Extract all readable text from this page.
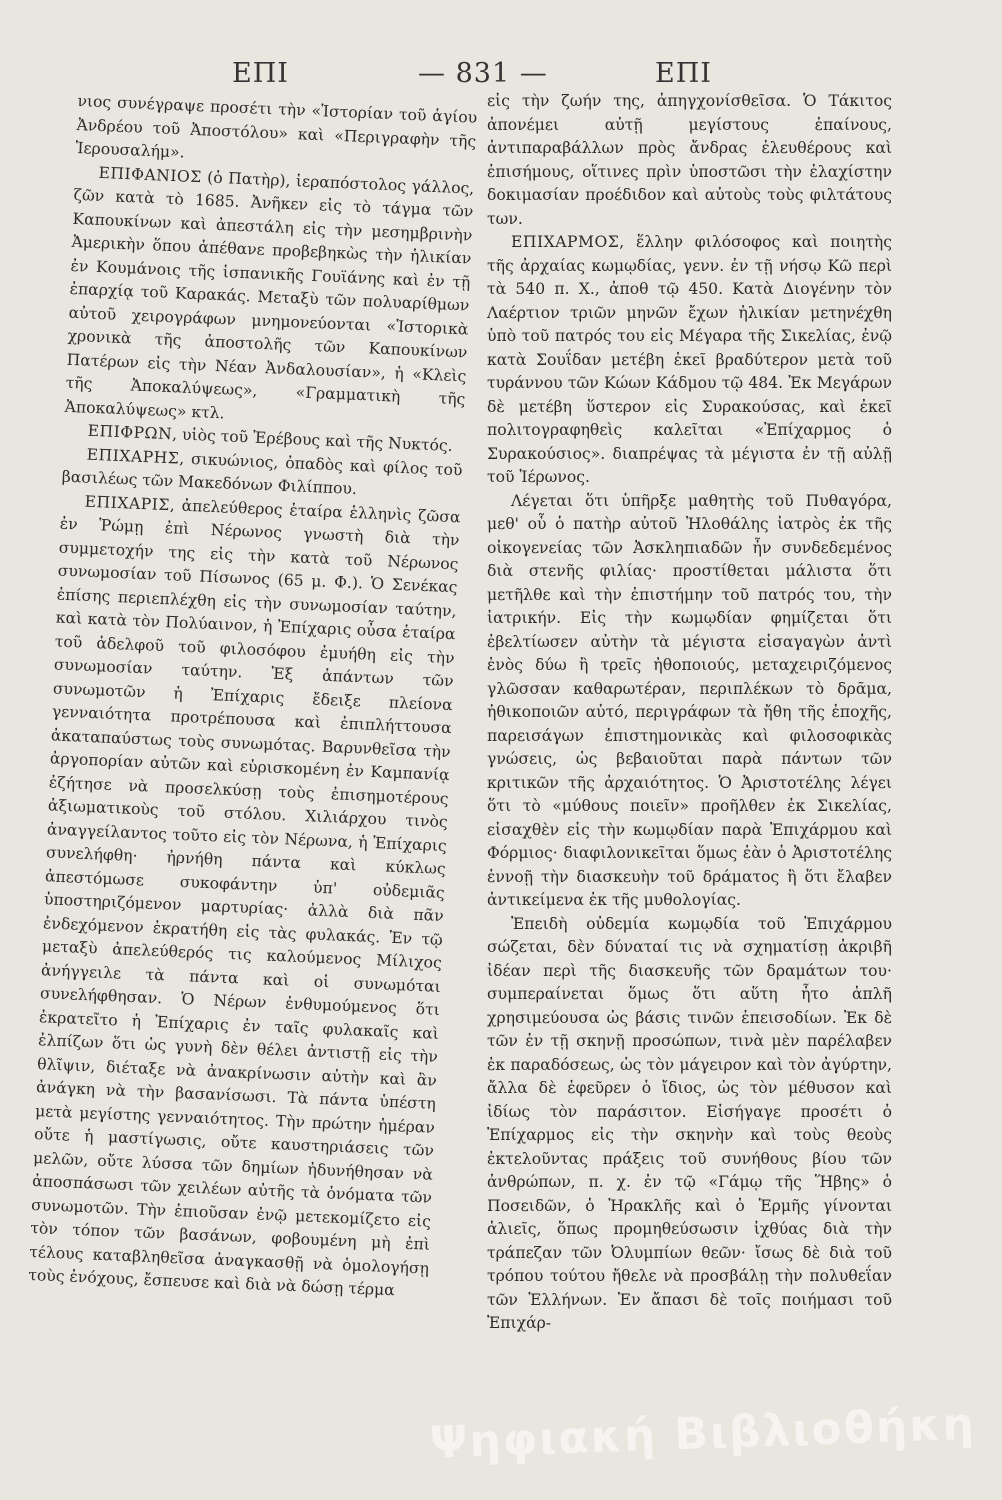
ΕΠΙ	— 831 —	ΕΠΙ

νιος συνέγραψε προσέτι τὴν «Ἱστορίαν τοῦ ἁγίου Ἀνδρέου τοῦ Ἀποστόλου» καὶ «Περιγραφὴν τῆς Ἱερουσαλήμ».

ΕΠΙΦΑΝΙΟΣ (ὁ Πατὴρ), ἱεραπόστολος γάλλος, ζῶν κατὰ τὸ 1685. Ἀνῆκεν εἰς τὸ τάγμα τῶν Καπουκίνων καὶ ἀπεστάλη εἰς τὴν μεσημβρινὴν Ἀμερικὴν ὅπου ἀπέθανε προβεβηκὼς τὴν ἡλικίαν ἐν Κουμάνοις τῆς ἱσπανικῆς Γουϊάνης καὶ ἐν τῇ ἐπαρχίᾳ τοῦ Καρακάς. Μεταξὺ τῶν πολυαρίθμων αὐτοῦ χειρογράφων μνημονεύονται «Ἱστορικὰ χρονικὰ τῆς ἀποστολῆς τῶν Καπουκίνων Πατέρων εἰς τὴν Νέαν Ἀνδαλουσίαν», ἡ «Κλεὶς τῆς Ἀποκαλύψεως», «Γραμματικὴ τῆς Ἀποκαλύψεως» κτλ.

ΕΠΙΦΡΩΝ, υἱὸς τοῦ Ἐρέβους καὶ τῆς Νυκτός.

ΕΠΙΧΑΡΗΣ, σικυώνιος, ὀπαδὸς καὶ φίλος τοῦ βασιλέως τῶν Μακεδόνων Φιλίππου.

ΕΠΙΧΑΡΙΣ, ἀπελεύθερος ἑταίρα ἑλληνὶς ζῶσα ἐν Ῥώμῃ ἐπὶ Νέρωνος γνωστὴ διὰ τὴν συμμετοχήν της εἰς τὴν κατὰ τοῦ Νέρωνος συνωμοσίαν τοῦ Πίσωνος (65 μ. Φ.). Ὁ Σενέκας ἐπίσης περιεπλέχθη εἰς τὴν συνωμοσίαν ταύτην, καὶ κατὰ τὸν Πολύαινον, ἡ Ἐπίχαρις οὖσα ἑταίρα τοῦ ἀδελφοῦ τοῦ φιλοσόφου ἐμυήθη εἰς τὴν συνωμοσίαν ταύτην. Ἐξ ἁπάντων τῶν συνωμοτῶν ἡ Ἐπίχαρις ἔδειξε πλείονα γενναιότητα προτρέπουσα καὶ ἐπιπλήττουσα ἀκαταπαύστως τοὺς συνωμότας. Βαρυνθεῖσα τὴν ἀργοπορίαν αὐτῶν καὶ εὑρισκομένη ἐν Καμπανίᾳ ἐζήτησε νὰ προσελκύσῃ τοὺς ἐπισημοτέρους ἀξιωματικοὺς τοῦ στόλου. Χιλιάρχου τινὸς ἀναγγείλαντος τοῦτο εἰς τὸν Νέρωνα, ἡ Ἐπίχαρις συνελήφθη· ἠρνήθη πάντα καὶ κύκλως ἀπεστόμωσε συκοφάντην ὑπ' οὐδεμιᾶς ὑποστηριζόμενον μαρτυρίας· ἀλλὰ διὰ πᾶν ἐνδεχόμενον ἐκρατήθη εἰς τὰς φυλακάς. Ἐν τῷ μεταξὺ ἀπελεύθερός τις καλούμενος Μίλιχος ἀνήγγειλε τὰ πάντα καὶ οἱ συνωμόται συνελήφθησαν. Ὁ Νέρων ἐνθυμούμενος ὅτι ἐκρατεῖτο ἡ Ἐπίχαρις ἐν ταῖς φυλακαῖς καὶ ἐλπίζων ὅτι ὡς γυνὴ δὲν θέλει ἀντιστῇ εἰς τὴν θλῖψιν, διέταξε νὰ ἀνακρίνωσιν αὐτὴν καὶ ἂν ἀνάγκη νὰ τὴν βασανίσωσι. Τὰ πάντα ὑπέστη μετὰ μεγίστης γενναιότητος. Τὴν πρώτην ἡμέραν οὔτε ἡ μαστίγωσις, οὔτε καυστηριάσεις τῶν μελῶν, οὔτε λύσσα τῶν δημίων ἠδυνήθησαν νὰ ἀποσπάσωσι τῶν χειλέων αὐτῆς τὰ ὀνόματα τῶν συνωμοτῶν. Τὴν ἐπιοῦσαν ἐνῷ μετεκομίζετο εἰς τὸν τόπον τῶν βασάνων, φοβουμένη μὴ ἐπὶ τέλους καταβληθεῖσα ἀναγκασθῇ νὰ ὁμολογήσῃ τοὺς ἐνόχους, ἔσπευσε καὶ διὰ νὰ δώσῃ τέρμα

εἰς τὴν ζωήν της, ἀπηγχονίσθεῖσα. Ὁ Τάκιτος ἀπονέμει αὐτῇ μεγίστους ἐπαίνους, ἀντιπαραβάλλων πρὸς ἄνδρας ἐλευθέρους καὶ ἐπισήμους, οἵτινες πρὶν ὑποστῶσι τὴν ἐλαχίστην δοκιμασίαν προέδιδον καὶ αὐτοὺς τοὺς φιλτάτους των.

ΕΠΙΧΑΡΜΟΣ, ἕλλην φιλόσοφος καὶ ποιητὴς τῆς ἀρχαίας κωμῳδίας, γενν. ἐν τῇ νήσῳ Κῶ περὶ τὰ 540 π. Χ., ἀποθ τῷ 450. Κατὰ Διογένην τὸν Λαέρτιον τριῶν μηνῶν ἔχων ἡλικίαν μετηνέχθη ὑπὸ τοῦ πατρός του εἰς Μέγαρα τῆς Σικελίας, ἐνῷ κατὰ Σουΐδαν μετέβη ἐκεῖ βραδύτερον μετὰ τοῦ τυράννου τῶν Κώων Κάδμου τῷ 484. Ἐκ Μεγάρων δὲ μετέβη ὕστερον εἰς Συρακούσας, καὶ ἐκεῖ πολιτογραφηθεὶς καλεῖται «Ἐπίχαρμος ὁ Συρακούσιος». διαπρέψας τὰ μέγιστα ἐν τῇ αὐλῇ τοῦ Ἱέρωνος.

Λέγεται ὅτι ὑπῆρξε μαθητὴς τοῦ Πυθαγόρα, μεθ' οὗ ὁ πατὴρ αὐτοῦ Ἡλοθάλης ἰατρὸς ἐκ τῆς οἰκογενείας τῶν Ἀσκληπιαδῶν ἦν συνδεδεμένος διὰ στενῆς φιλίας· προστίθεται μάλιστα ὅτι μετῆλθε καὶ τὴν ἐπιστήμην τοῦ πατρός του, τὴν ἰατρικήν. Εἰς τὴν κωμῳδίαν φημίζεται ὅτι ἐβελτίωσεν αὐτὴν τὰ μέγιστα εἰσαγαγὼν ἀντὶ ἑνὸς δύω ἢ τρεῖς ἠθοποιούς, μεταχειριζόμενος γλῶσσαν καθαρωτέραν, περιπλέκων τὸ δρᾶμα, ἠθικοποιῶν αὐτό, περιγράφων τὰ ἤθη τῆς ἐποχῆς, παρεισάγων ἐπιστημονικὰς καὶ φιλοσοφικὰς γνώσεις, ὡς βεβαιοῦται παρὰ πάντων τῶν κριτικῶν τῆς ἀρχαιότητος. Ὁ Ἀριστοτέλης λέγει ὅτι τὸ «μύθους ποιεῖν» προῆλθεν ἐκ Σικελίας, εἰσαχθὲν εἰς τὴν κωμῳδίαν παρὰ Ἐπιχάρμου καὶ Φόρμιος· διαφιλονικεῖται ὅμως ἐὰν ὁ Ἀριστοτέλης ἐννοῇ τὴν διασκευὴν τοῦ δράματος ἢ ὅτι ἔλαβεν ἀντικείμενα ἐκ τῆς μυθολογίας.

Ἐπειδὴ οὐδεμία κωμῳδία τοῦ Ἐπιχάρμου σώζεται, δὲν δύναταί τις νὰ σχηματίσῃ ἀκριβῆ ἰδέαν περὶ τῆς διασκευῆς τῶν δραμάτων του· συμπεραίνεται ὅμως ὅτι αὕτη ἦτο ἁπλῆ χρησιμεύουσα ὡς βάσις τινῶν ἐπεισοδίων. Ἐκ δὲ τῶν ἐν τῇ σκηνῇ προσώπων, τινὰ μὲν παρέλαβεν ἐκ παραδόσεως, ὡς τὸν μάγειρον καὶ τὸν ἀγύρτην, ἄλλα δὲ ἐφεῦρεν ὁ ἴδιος, ὡς τὸν μέθυσον καὶ ἰδίως τὸν παράσιτον. Εἰσήγαγε προσέτι ὁ Ἐπίχαρμος εἰς τὴν σκηνὴν καὶ τοὺς θεοὺς ἐκτελοῦντας πράξεις τοῦ συνήθους βίου τῶν ἀνθρώπων, π. χ. ἐν τῷ «Γάμῳ τῆς Ἥβης» ὁ Ποσειδῶν, ὁ Ἡρακλῆς καὶ ὁ Ἑρμῆς γίνονται ἁλιεῖς, ὅπως προμηθεύσωσιν ἰχθύας διὰ τὴν τράπεζαν τῶν Ὀλυμπίων θεῶν· ἴσως δὲ διὰ τοῦ τρόπου τούτου ἤθελε νὰ προσβάλῃ τὴν πολυθεΐαν τῶν Ἑλλήνων. Ἐν ἄπασι δὲ τοῖς ποιήμασι τοῦ Ἐπιχάρ-

Ψηφιακή Βιβλιοθήκη
